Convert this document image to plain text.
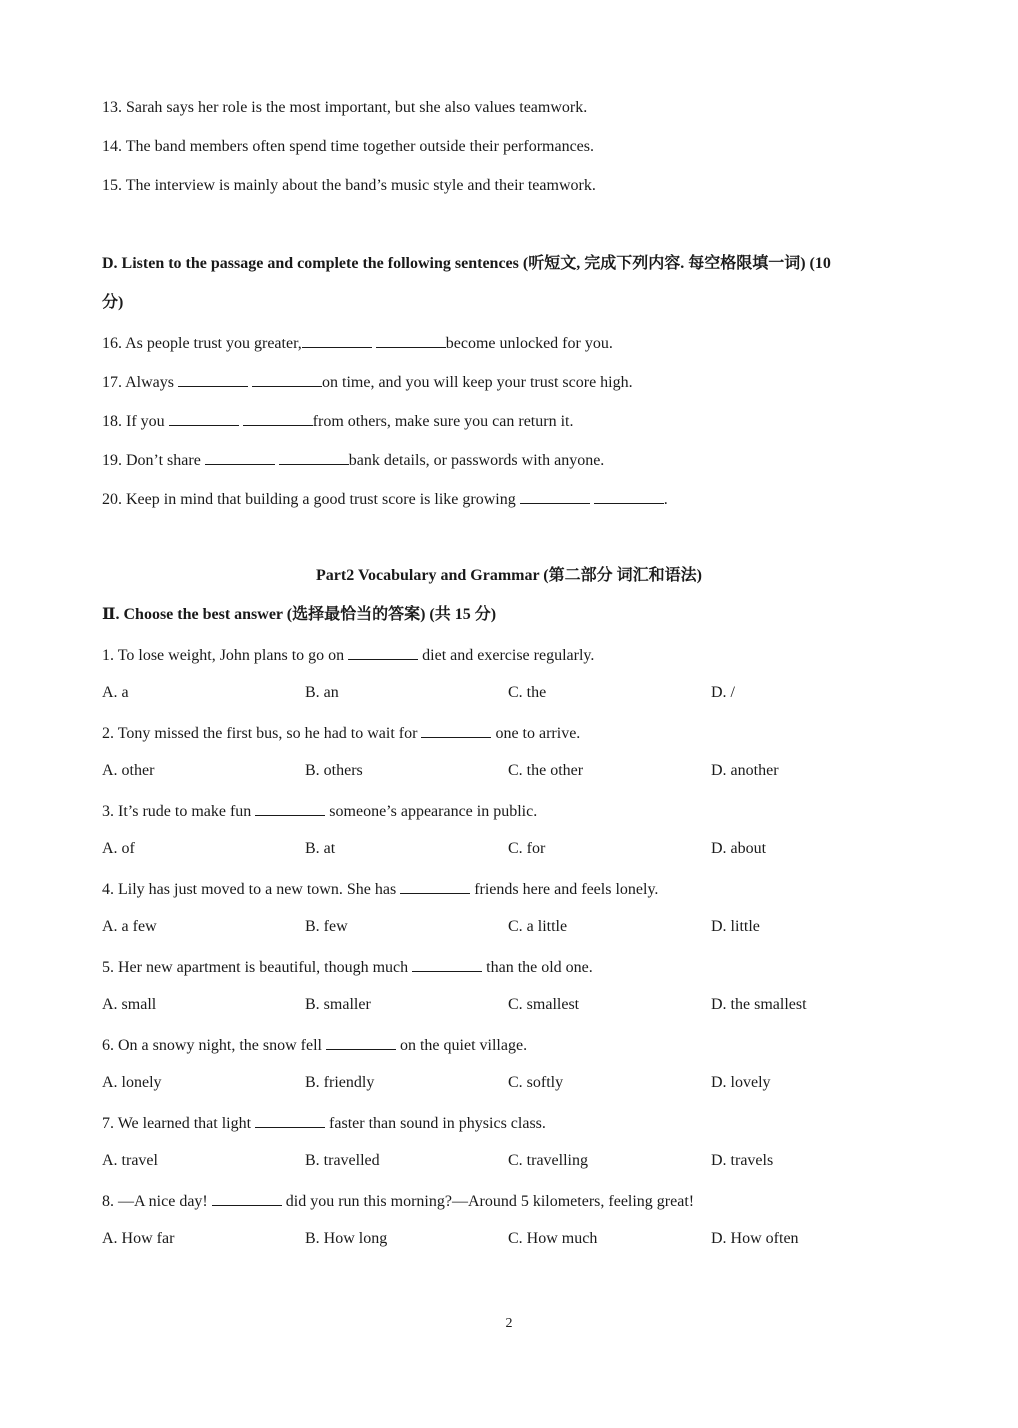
13. Sarah says her role is the most important, but she also values teamwork.
14. The band members often spend time together outside their performances.
15. The interview is mainly about the band’s music style and their teamwork.
D. Listen to the passage and complete the following sentences (听短文, 完成下列内容. 每空格限填一词) (10
分)
16. As people trust you greater,	become unlocked for you.
17. Always	on time, and you will keep your trust score high.
18. If you	from others, make sure you can return it.
19. Don’t share	bank details, or passwords with anyone.
20. Keep in mind that building a good trust score is like growing	.
Part2 Vocabulary and Grammar (第二部分 词汇和语法)
Ⅱ. Choose the best answer (选择最恰当的答案) (共 15 分)
1. To lose weight, John plans to go on	diet and exercise regularly.
A. a	B. an	C. the	D. /
2. Tony missed the first bus, so he had to wait for	one to arrive.
A. other	B. others	C. the other	D. another
3. It’s rude to make fun	someone’s appearance in public.
A. of	B. at	C. for	D. about
4. Lily has just moved to a new town. She has	friends here and feels lonely.
A. a few	B. few	C. a little	D. little
5. Her new apartment is beautiful, though much	than the old one.
A. small	B. smaller	C. smallest	D. the smallest
6. On a snowy night, the snow fell	on the quiet village.
A. lonely	B. friendly	C. softly	D. lovely
7. We learned that light	faster than sound in physics class.
A. travel	B. travelled	C. travelling	D. travels
8. —A nice day!	did you run this morning?—Around 5 kilometers, feeling great!
A. How far	B. How long	C. How much	D. How often
2
